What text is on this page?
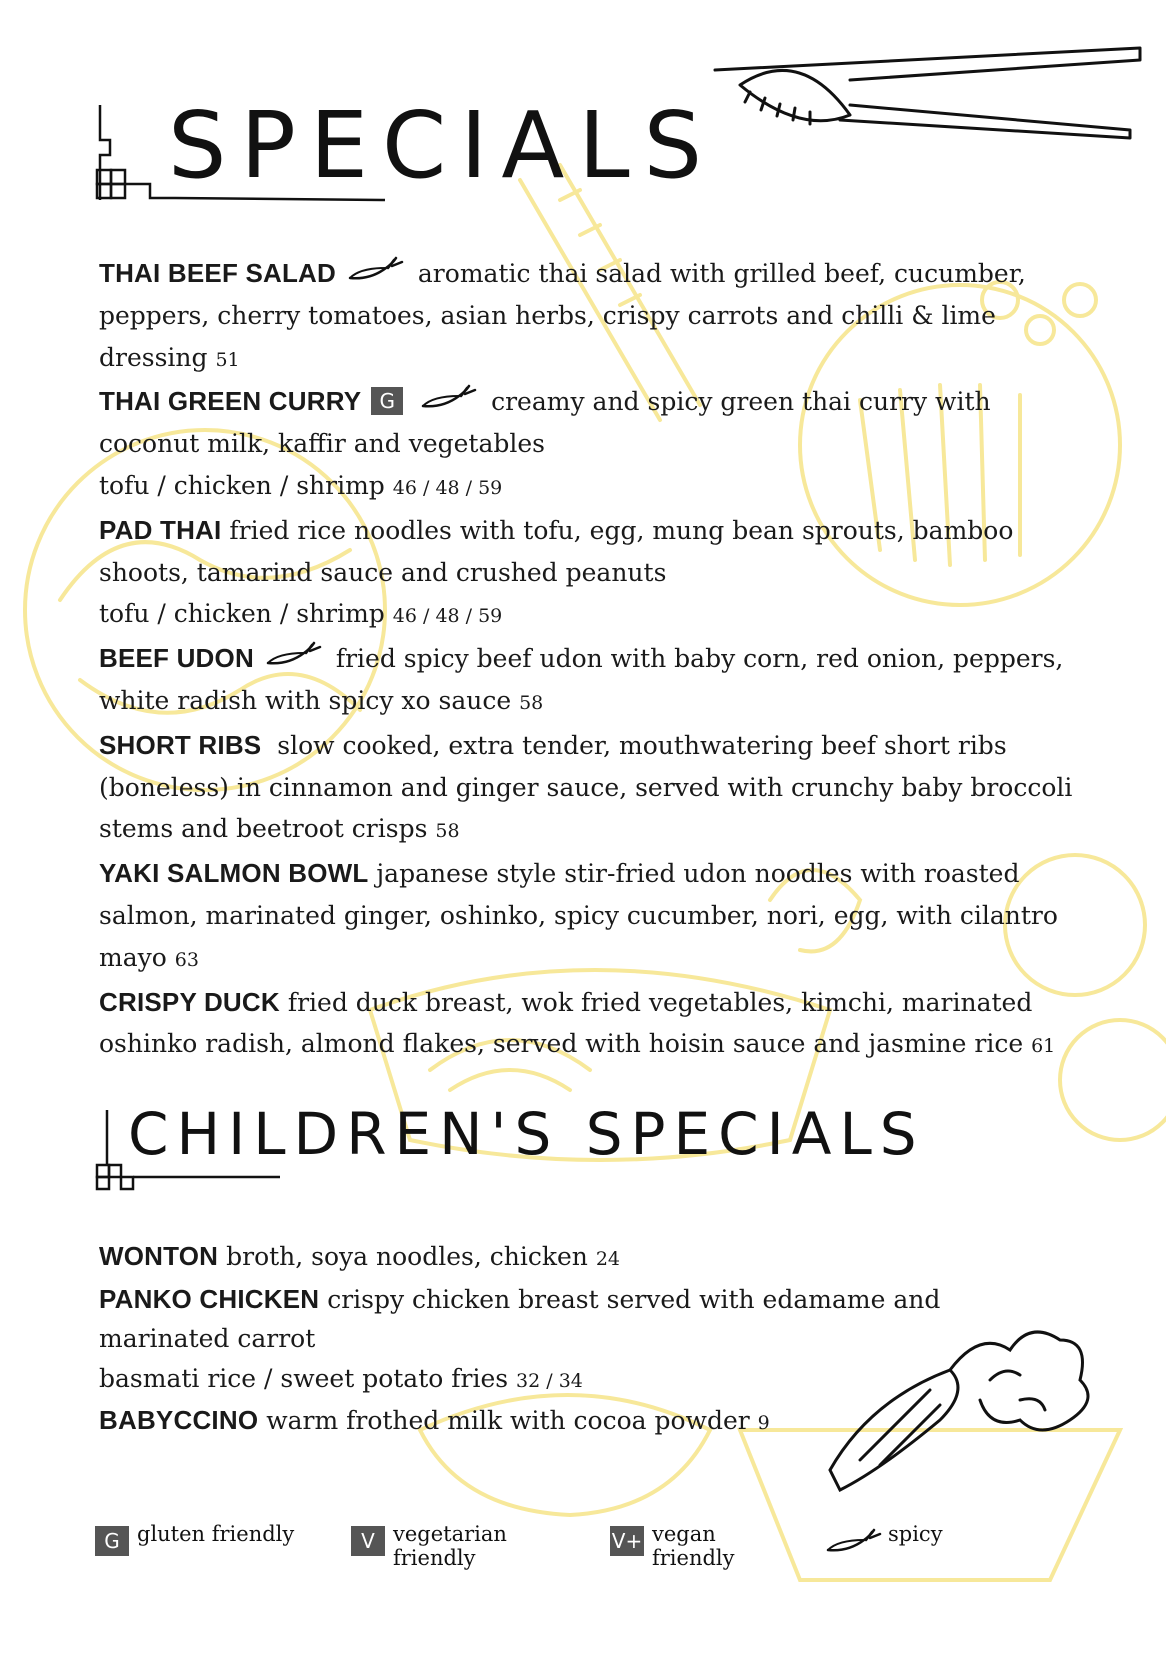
SPECIALS
THAI BEEF SALAD	aromatic thai salad with grilled beef, cucumber,
peppers, cherry tomatoes, asian herbs, crispy carrots and chilli & lime
dressing 51
THAI GREEN CURRY G	creamy and spicy green thai curry with
coconut milk, kaffir and vegetables
tofu / chicken / shrimp 46 / 48 / 59
PAD THAI fried rice noodles with tofu, egg, mung bean sprouts, bamboo
shoots, tamarind sauce and crushed peanuts
tofu / chicken / shrimp 46 / 48 / 59
BEEF UDON	fried spicy beef udon with baby corn, red onion, peppers,
white radish with spicy xo sauce 58
SHORT RIBS slow cooked, extra tender, mouthwatering beef short ribs
(boneless) in cinnamon and ginger sauce, served with crunchy baby broccoli
stems and beetroot crisps 58
YAKI SALMON BOWL japanese style stir-fried udon noodles with roasted
salmon, marinated ginger, oshinko, spicy cucumber, nori, egg, with cilantro
mayo 63
CRISPY DUCK fried duck breast, wok fried vegetables, kimchi, marinated
oshinko radish, almond flakes, served with hoisin sauce and jasmine rice 61
CHILDREN'S SPECIALS
WONTON broth, soya noodles, chicken 24
PANKO CHICKEN crispy chicken breast served with edamame and
marinated carrot
basmati rice / sweet potato fries 32 / 34
BABYCCINO warm frothed milk with cocoa powder 9
G gluten friendly	V vegetarian friendly
V+ vegan friendly
spicy
